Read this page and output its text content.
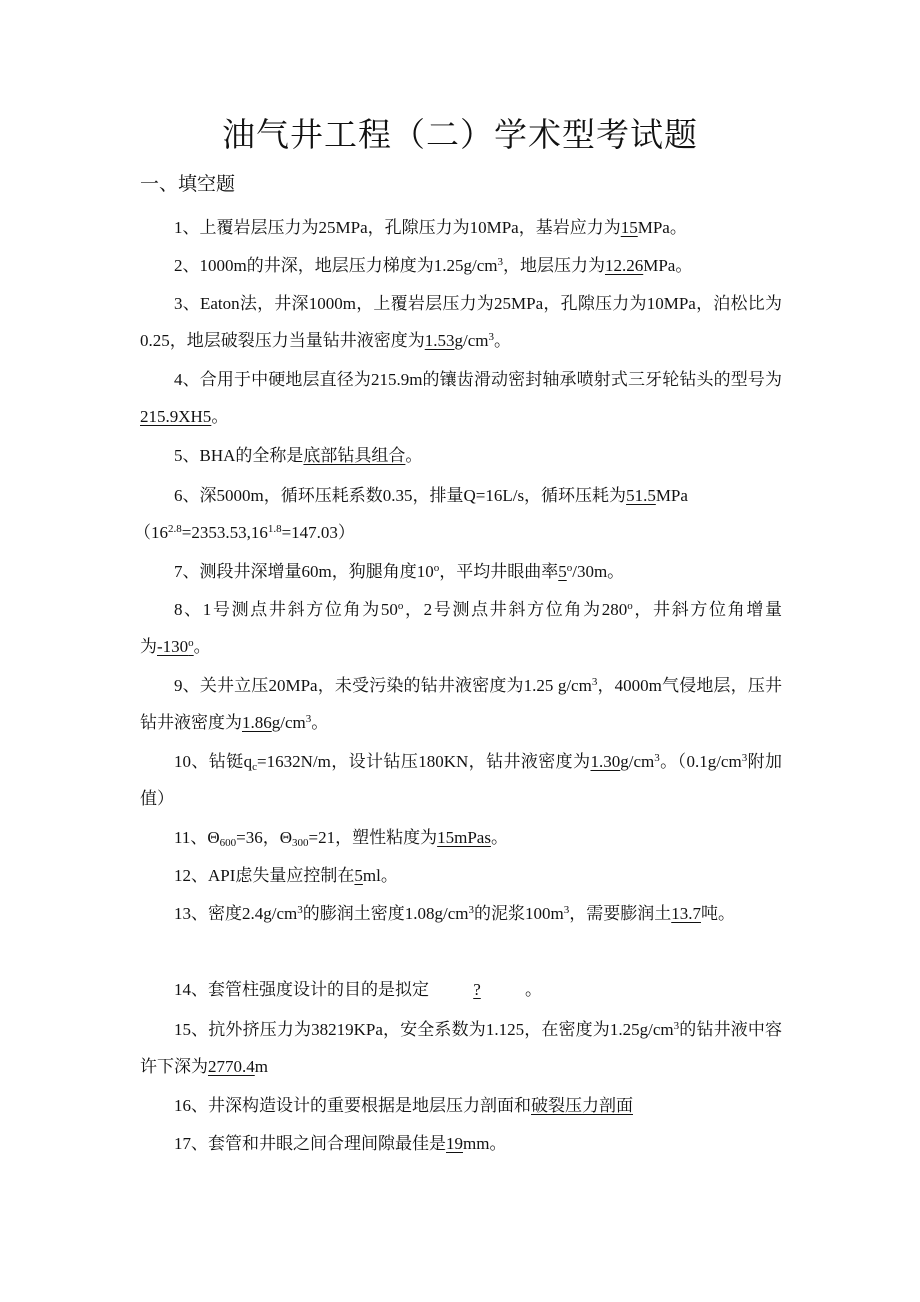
油气井工程（二）学术型考试题
一、填空题
1、上覆岩层压力为25MPa，孔隙压力为10MPa，基岩应力为15MPa。
2、1000m的井深，地层压力梯度为$1.25g/cm^3$，地层压力为12.26MPa。
3、Eaton法，井深1000m，上覆岩层压力为25MPa，孔隙压力为10MPa，泊松比为0.25，地层破裂压力当量钻井液密度为$1.53g/cm^3$。
4、合用于中硬地层直径为215.9m的镶齿滑动密封轴承喷射式三牙轮钻头的型号为215.9XH5。
5、BHA的全称是底部钻具组合。
6、深5000m，循环压耗系数0.35，排量Q=16L/s，循环压耗为51.5MPa
$(16^{2.8}=2353.53,16^{1.8}=147.03)$
7、测段井深增量60m，狗腿角度10$^o$，平均井眼曲率5$^o$/30m。
8、1号测点井斜方位角为50$^o$，2号测点井斜方位角为280$^o$，井斜方位角增量为-130$^o$。
9、关井立压20MPa，未受污染的钻井液密度为1.25 $g/cm^3$，4000m气侵地层，压井钻井液密度为$1.86g/cm^3$。
10、钻铤$q_c=1632N/m$，设计钻压180KN，钻井液密度为$1.30g/cm^3$。（$0.1g/cm^3$附加值）
11、$\Theta_{600}=36$，$\Theta_{300}=21$，塑性粘度为15mPas。
12、API虑失量应控制在5ml。
13、密度$2.4g/cm^3$的膨润土密度$1.08g/cm^3$的泥浆$100m^3$，需要膨润土13.7吨。
14、套管柱强度设计的目的是拟定	?	。
15、抗外挤压力为38219KPa，安全系数为1.125，在密度为$1.25g/cm^3$的钻井液中容许下深为2770.4m
16、井深构造设计的重要根据是地层压力剖面和破裂压力剖面
17、套管和井眼之间合理间隙最佳是19mm。
